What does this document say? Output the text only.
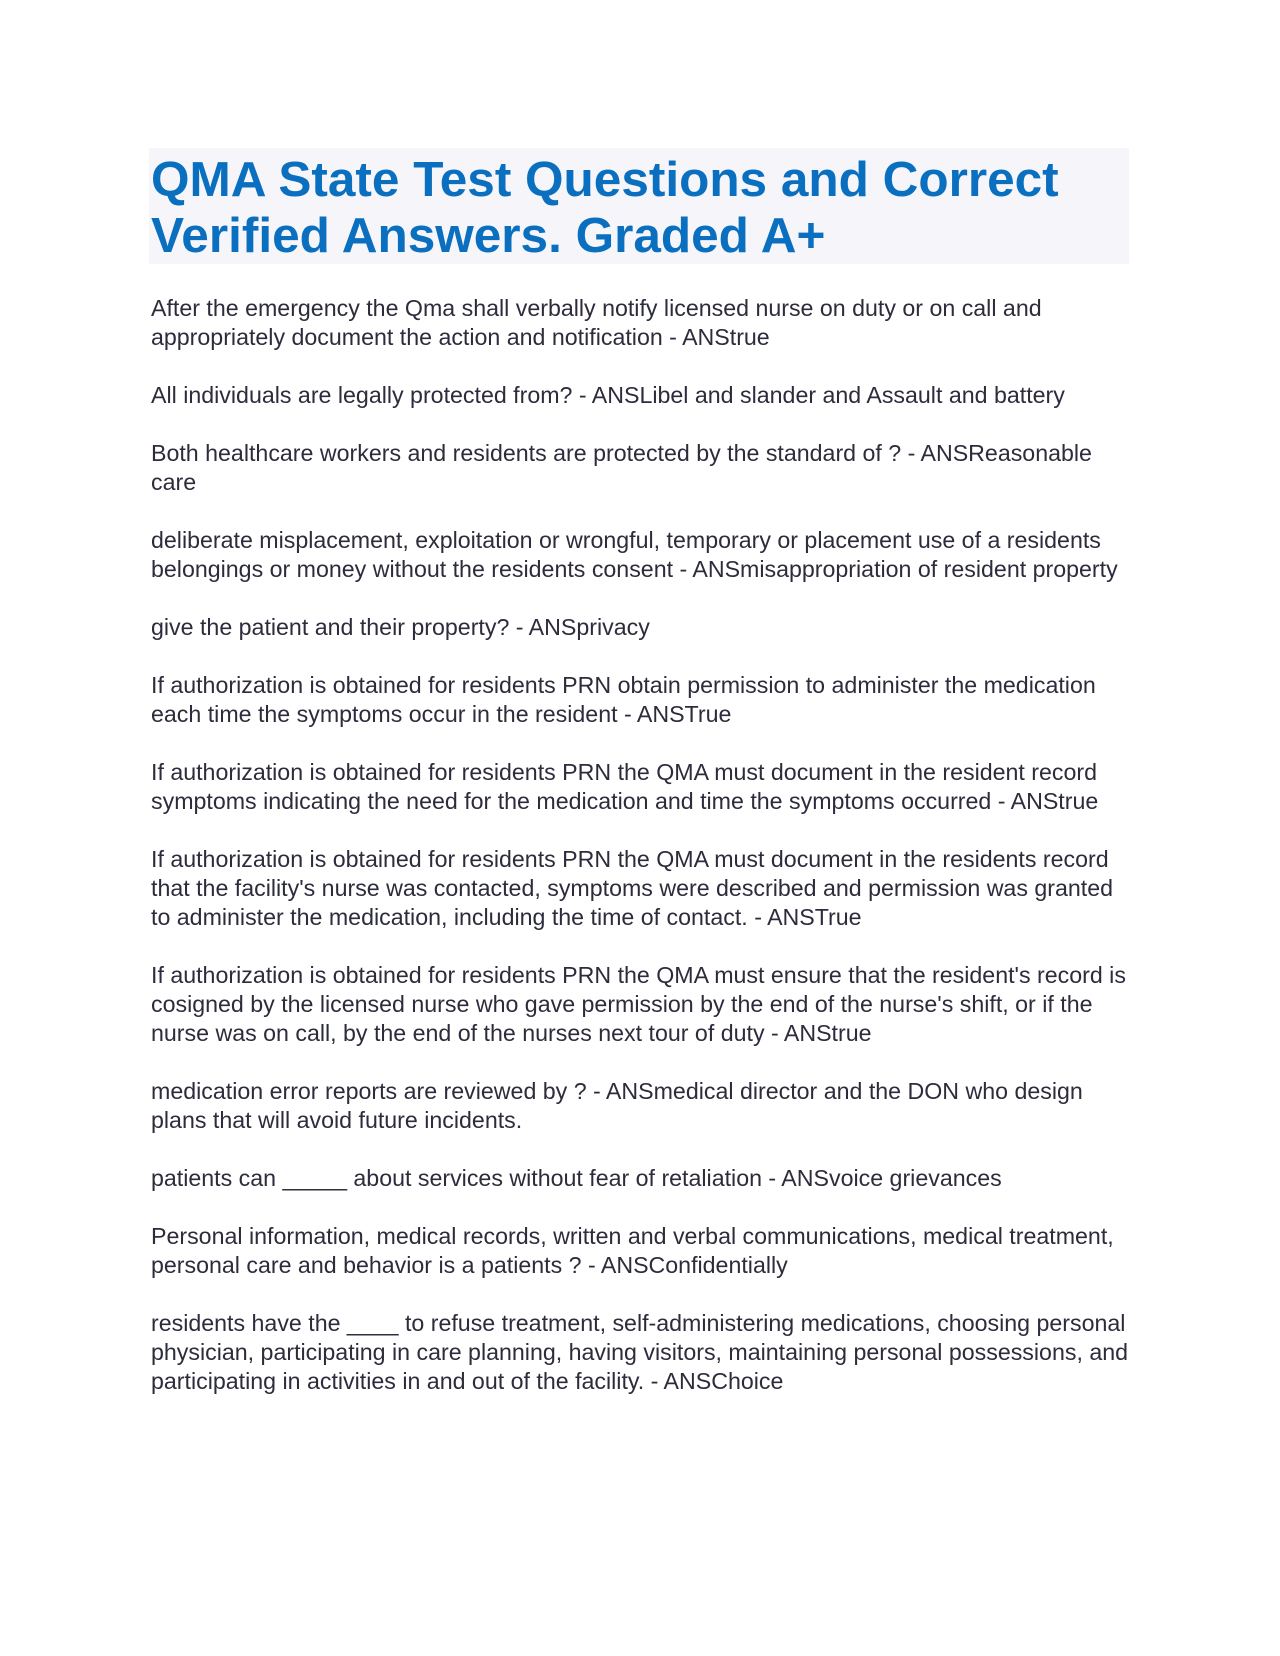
QMA State Test Questions and Correct Verified Answers. Graded A+

After the emergency the Qma shall verbally notify licensed nurse on duty or on call and appropriately document the action and notification - ANStrue

All individuals are legally protected from? - ANSLibel and slander and Assault and battery

Both healthcare workers and residents are protected by the standard of ? - ANSReasonable care

deliberate misplacement, exploitation or wrongful, temporary or placement use of a residents belongings or money without the residents consent - ANSmisappropriation of resident property

give the patient and their property? - ANSprivacy

If authorization is obtained for residents PRN obtain permission to administer the medication each time the symptoms occur in the resident - ANSTrue

If authorization is obtained for residents PRN the QMA must document in the resident record symptoms indicating the need for the medication and time the symptoms occurred - ANStrue

If authorization is obtained for residents PRN the QMA must document in the residents record that the facility's nurse was contacted, symptoms were described and permission was granted to administer the medication, including the time of contact. - ANSTrue

If authorization is obtained for residents PRN the QMA must ensure that the resident's record is cosigned by the licensed nurse who gave permission by the end of the nurse's shift, or if the nurse was on call, by the end of the nurses next tour of duty - ANStrue

medication error reports are reviewed by ? - ANSmedical director and the DON who design plans that will avoid future incidents.

patients can _____ about services without fear of retaliation - ANSvoice grievances

Personal information, medical records, written and verbal communications, medical treatment, personal care and behavior is a patients ? - ANSConfidentially

residents have the ____ to refuse treatment, self-administering medications, choosing personal physician, participating in care planning, having visitors, maintaining personal possessions, and participating in activities in and out of the facility. - ANSChoice
